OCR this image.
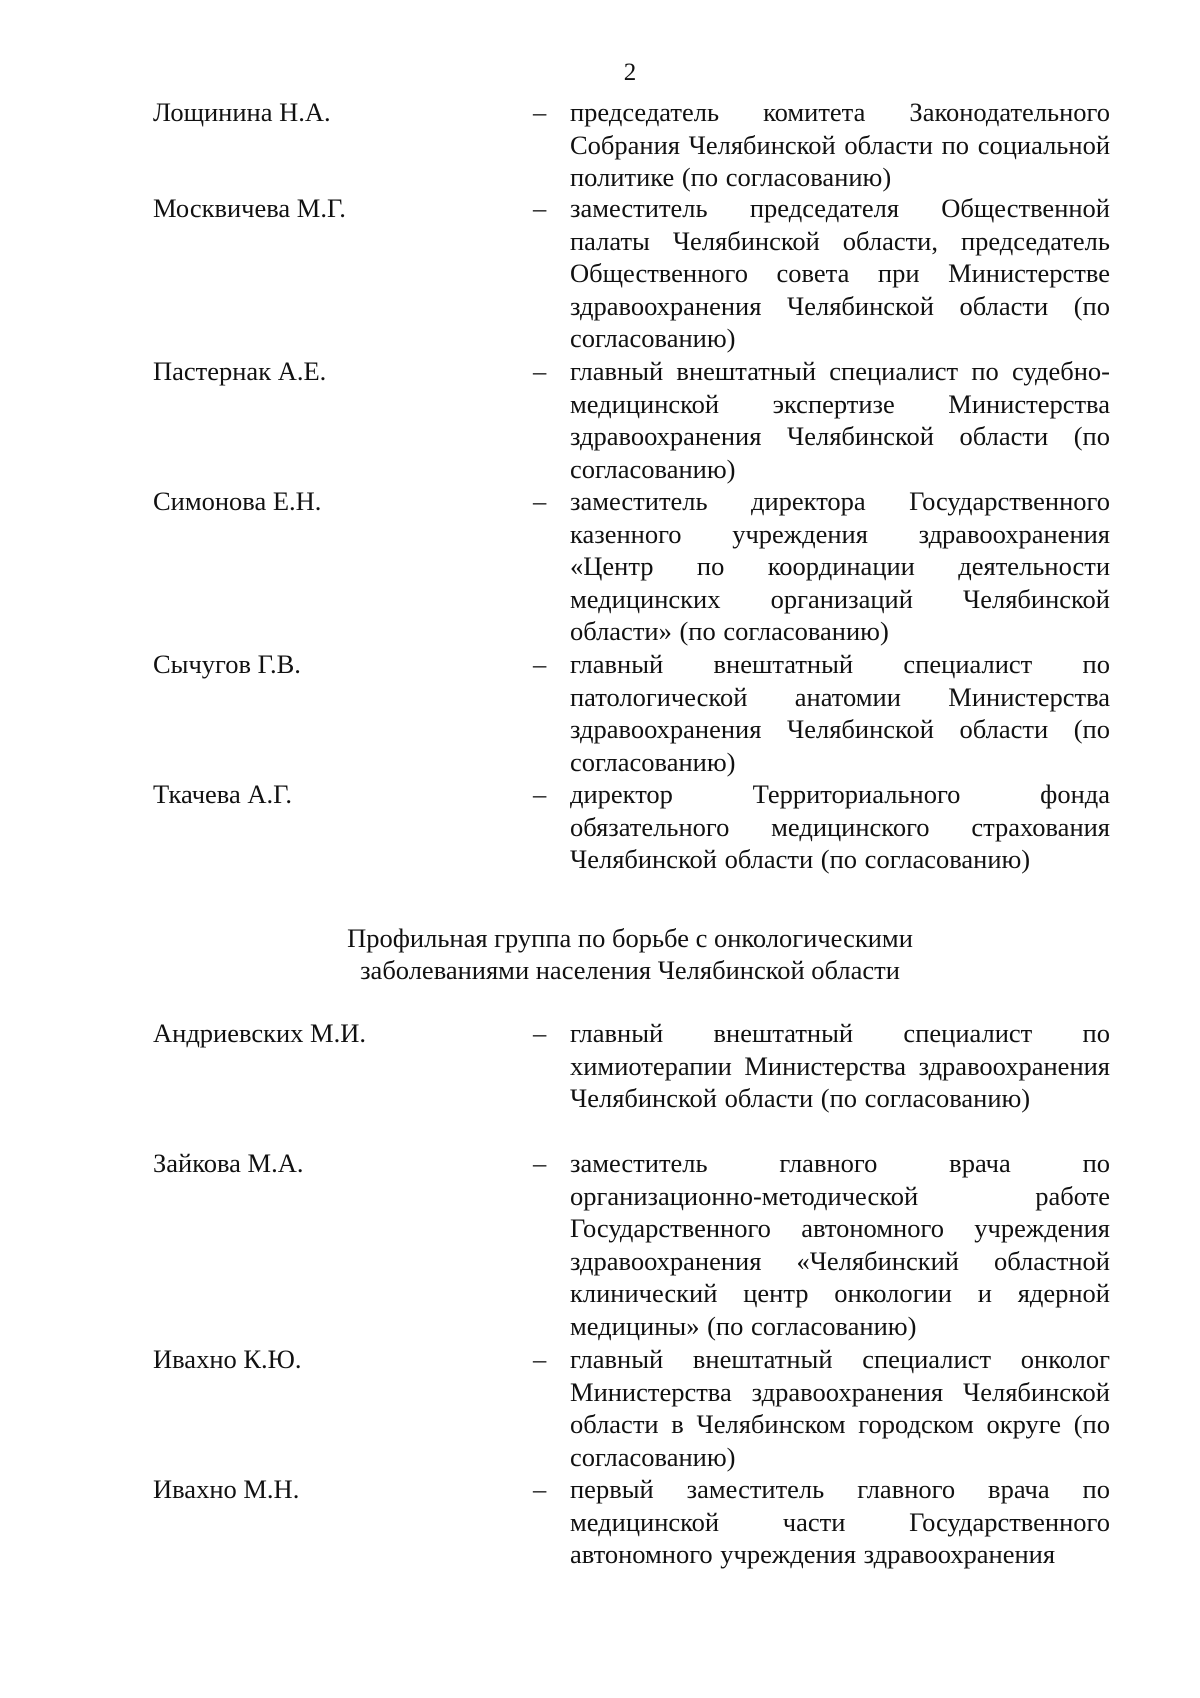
2
Лощинина Н.А.	– председатель комитета Законодательного Собрания Челябинской области по социальной политике (по согласованию)
Москвичева М.Г.	– заместитель председателя Общественной палаты Челябинской области, председатель Общественного совета при Министерстве здравоохранения Челябинской области (по согласованию)
Пастернак А.Е.	– главный внештатный специалист по судебно-медицинской экспертизе Министерства здравоохранения Челябинской области (по согласованию)
Симонова Е.Н.	– заместитель директора Государственного казенного учреждения здравоохранения «Центр по координации деятельности медицинских организаций Челябинской области» (по согласованию)
Сычугов Г.В.	– главный внештатный специалист по патологической анатомии Министерства здравоохранения Челябинской области (по согласованию)
Ткачева А.Г.	– директор Территориального фонда обязательного медицинского страхования Челябинской области (по согласованию)
Профильная группа по борьбе с онкологическими
заболеваниями населения Челябинской области
Андриевских М.И.	– главный внештатный специалист по химиотерапии Министерства здравоохранения Челябинской области (по согласованию)
Зайкова М.А.	– заместитель главного врача по организационно-методической работе Государственного автономного учреждения здравоохранения «Челябинский областной клинический центр онкологии и ядерной медицины» (по согласованию)
Ивахно К.Ю.	– главный внештатный специалист онколог Министерства здравоохранения Челябинской области в Челябинском городском округе (по согласованию)
Ивахно М.Н.	– первый заместитель главного врача по медицинской части Государственного автономного учреждения здравоохранения
